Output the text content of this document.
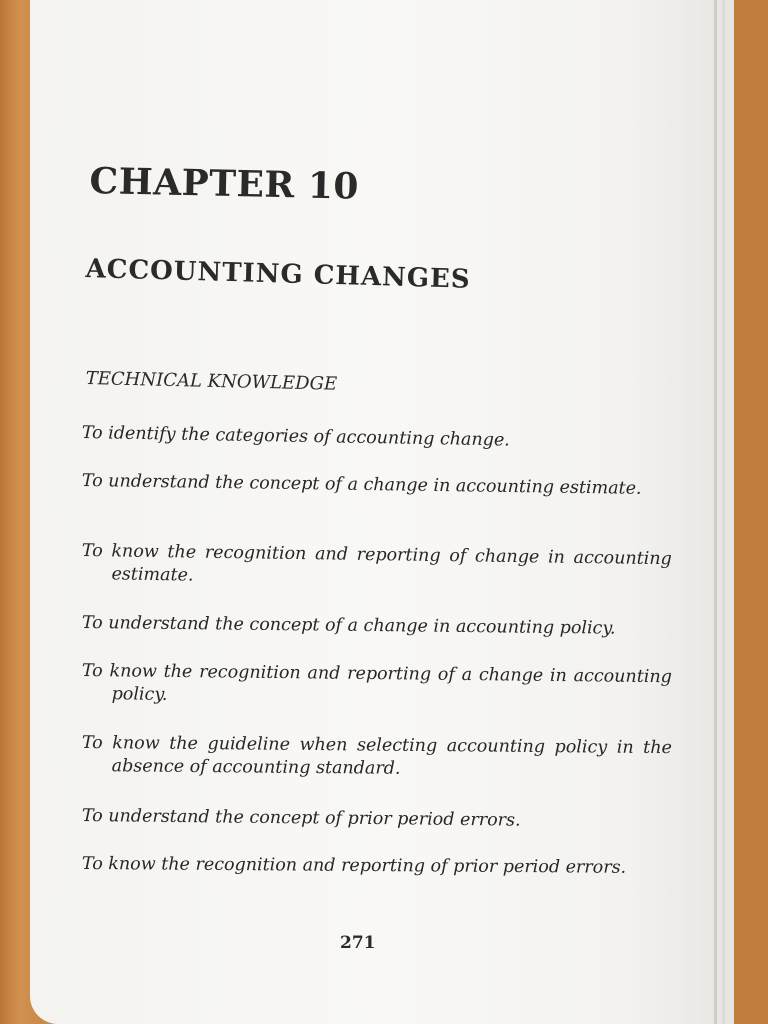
CHAPTER 10
ACCOUNTING CHANGES
TECHNICAL KNOWLEDGE
To identify the categories of accounting change.
To understand the concept of a change in accounting estimate.
To know the recognition and reporting of change in accounting estimate.
To understand the concept of a change in accounting policy.
To know the recognition and reporting of a change in accounting policy.
To know the guideline when selecting accounting policy in the absence of accounting standard.
To understand the concept of prior period errors.
To know the recognition and reporting of prior period errors.

271
